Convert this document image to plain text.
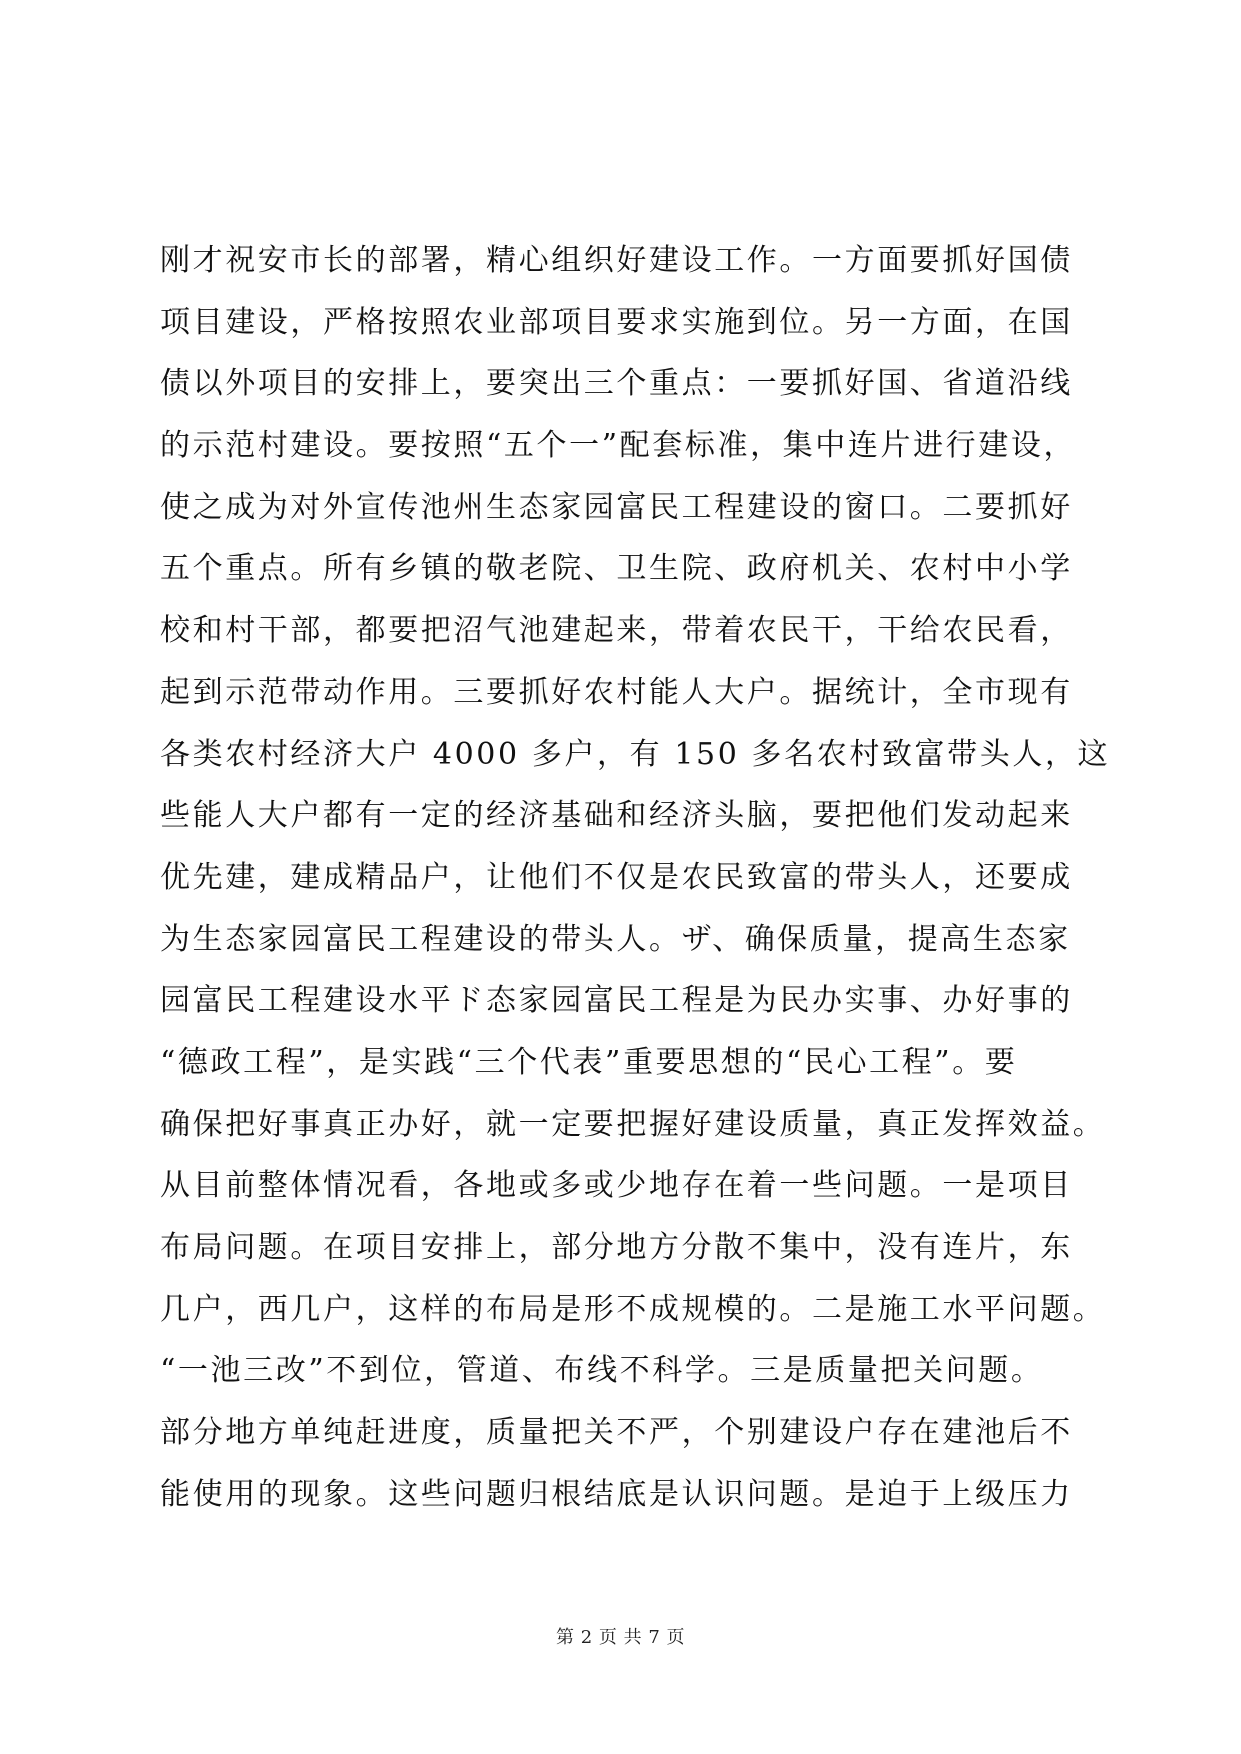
刚才祝安市长的部署，精心组织好建设工作。一方面要抓好国债
项目建设，严格按照农业部项目要求实施到位。另一方面，在国
债以外项目的安排上，要突出三个重点：一要抓好国、省道沿线
的示范村建设。要按照“五个一”配套标准，集中连片进行建设，
使之成为对外宣传池州生态家园富民工程建设的窗口。二要抓好
五个重点。所有乡镇的敬老院、卫生院、政府机关、农村中小学
校和村干部，都要把沼气池建起来，带着农民干，干给农民看，
起到示范带动作用。三要抓好农村能人大户。据统计，全市现有
各类农村经济大户 4000 多户，有 150 多名农村致富带头人，这
些能人大户都有一定的经济基础和经济头脑，要把他们发动起来
优先建，建成精品户，让他们不仅是农民致富的带头人，还要成
为生态家园富民工程建设的带头人。ザ、确保质量，提高生态家
园富民工程建设水平ド态家园富民工程是为民办实事、办好事的
“德政工程”，是实践“三个代表”重要思想的“民心工程”。要
确保把好事真正办好，就一定要把握好建设质量，真正发挥效益。
从目前整体情况看，各地或多或少地存在着一些问题。一是项目
布局问题。在项目安排上，部分地方分散不集中，没有连片，东
几户，西几户，这样的布局是形不成规模的。二是施工水平问题。
“一池三改”不到位，管道、布线不科学。三是质量把关问题。
部分地方单纯赶进度，质量把关不严，个别建设户存在建池后不
能使用的现象。这些问题归根结底是认识问题。是迫于上级压力
第 2 页 共 7 页
